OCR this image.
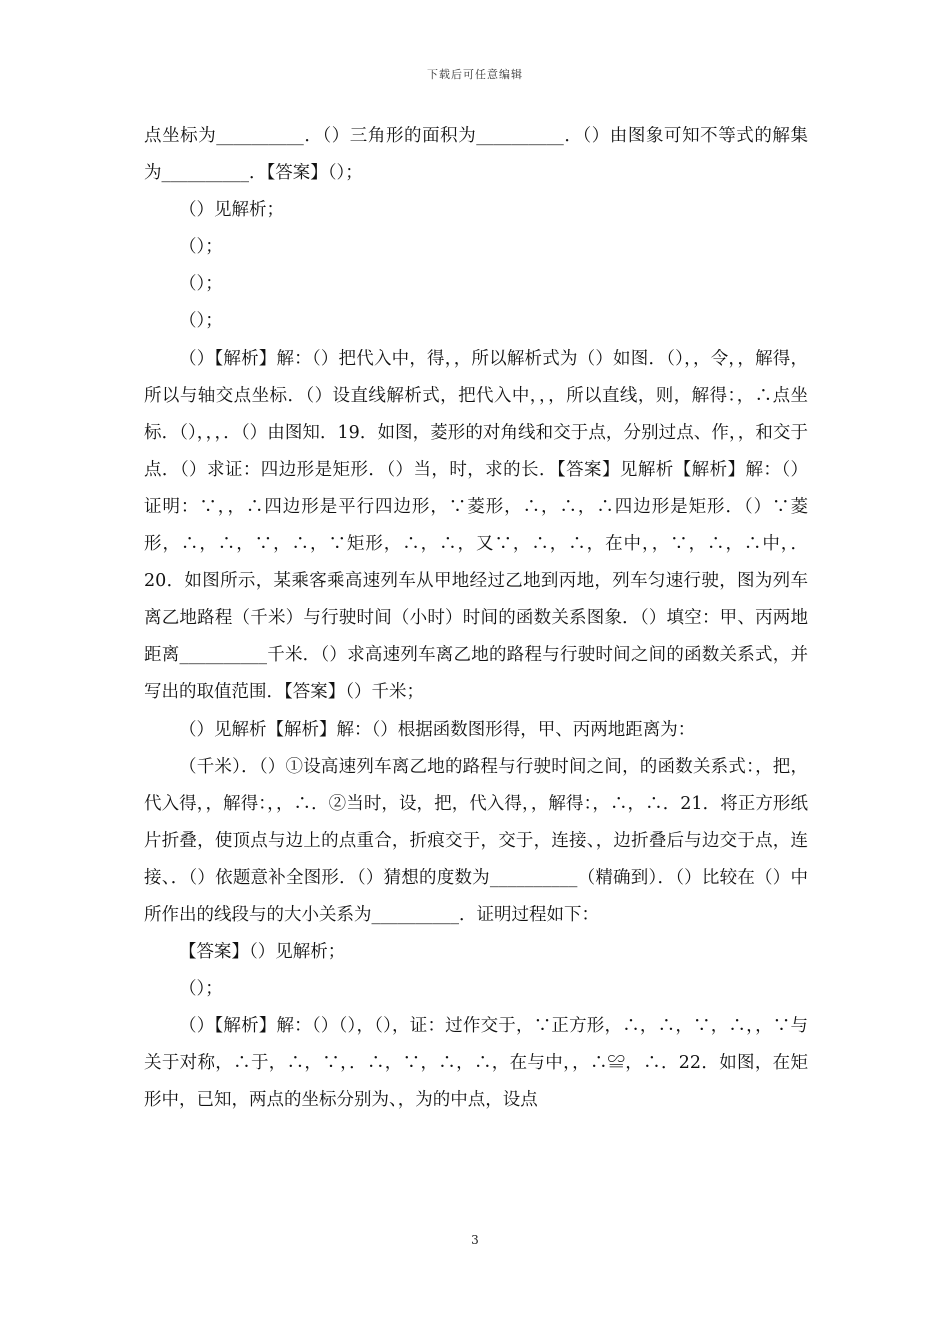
下载后可任意编辑

点坐标为__________．（）三角形的面积为__________．（）由图象可知不等式的解集为__________．【答案】（）；

（）见解析；

（）；

（）；

（）；

（）【解析】解：（）把代入中，得，，所以解析式为（）如图．（），，令，，解得，所以与轴交点坐标．（）设直线解析式，把代入中，，，所以直线，则，解得：，∴点坐标．（），，，．（）由图知．19．如图，菱形的对角线和交于点，分别过点、作，，和交于点．（）求证：四边形是矩形．（）当，时，求的长．【答案】见解析【解析】解：（）证明：∵，，∴四边形是平行四边形，∵菱形，∴，∴，∴四边形是矩形．（）∵菱形，∴，∴，∵，∴，∵矩形，∴，∴，又∵，∴，∴，在中，，∵，∴，∴中，．20．如图所示，某乘客乘高速列车从甲地经过乙地到丙地，列车匀速行驶，图为列车离乙地路程（千米）与行驶时间（小时）时间的函数关系图象．（）填空：甲、丙两地距离__________千米．（）求高速列车离乙地的路程与行驶时间之间的函数关系式，并写出的取值范围．【答案】（）千米；

（）见解析【解析】解：（）根据函数图形得，甲、丙两地距离为：

（千米）．（）①设高速列车离乙地的路程与行驶时间之间，的函数关系式：，把，代入得，，解得：，，∴．②当时，设，把，代入得，，解得：，∴，∴．21．将正方形纸片折叠，使顶点与边上的点重合，折痕交于，交于，连接、，边折叠后与边交于点，连接、．（）依题意补全图形．（）猜想的度数为__________（精确到）．（）比较在（）中所作出的线段与的大小关系为__________．证明过程如下：

【答案】（）见解析；

（）；

（）【解析】解：（）（），（），证：过作交于，∵正方形，∴，∴，∵，∴，，∵与关于对称，∴于，∴，∵，．∴，∵，∴，∴，在与中，，∴≌，∴．22．如图，在矩形中，已知，两点的坐标分别为、，为的中点，设点

3
